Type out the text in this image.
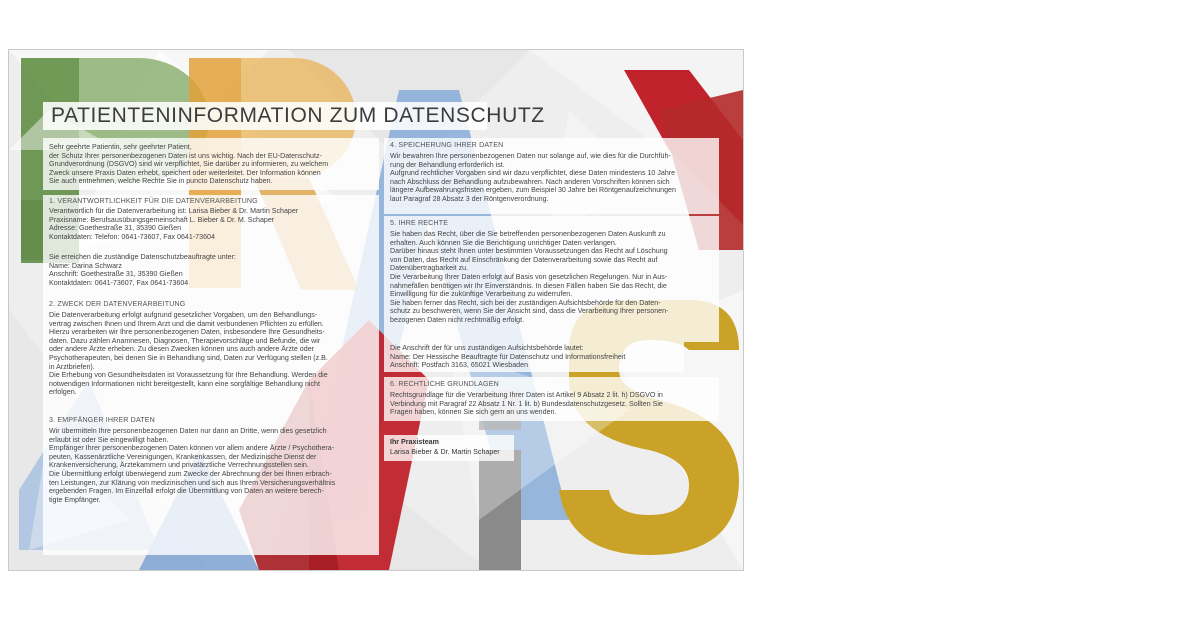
PATIENTENINFORMATION ZUM DATENSCHUTZ
Sehr geehrte Patientin, sehr geehrter Patient,
der Schutz Ihrer personenbezogenen Daten ist uns wichtig. Nach der EU-Datenschutz-
Grundverordnung (DSGVO) sind wir verpflichtet, Sie darüber zu informieren, zu welchem
Zweck unsere Praxis Daten erhebt, speichert oder weiterleitet. Der Information können
Sie auch entnehmen, welche Rechte Sie in puncto Datenschutz haben.
1. VERANTWORTLICHKEIT FÜR DIE DATENVERARBEITUNG
Verantwortlich für die Datenverarbeitung ist: Larisa Bieber & Dr. Martin Schaper
Praxisname: Berufsausübungsgemeinschaft L. Bieber & Dr. M. Schaper
Adresse: Goethestraße 31, 35390 Gießen
Kontaktdaten: Telefon: 0641-73607, Fax 0641-73604
Sie erreichen die zuständige Datenschutzbeauftragte unter:
Name: Darina Schwarz
Anschrift: Goethestraße 31, 35390 Gießen
Kontaktdaten: 0641-73607, Fax 0641-73604
2. ZWECK DER DATENVERARBEITUNG
Die Datenverarbeitung erfolgt aufgrund gesetzlicher Vorgaben, um den Behandlungs-
vertrag zwischen Ihnen und Ihrem Arzt und die damit verbundenen Pflichten zu erfüllen.
Hierzu verarbeiten wir Ihre personenbezogenen Daten, insbesondere Ihre Gesundheits-
daten. Dazu zählen Anamnesen, Diagnosen, Therapievorschläge und Befunde, die wir
oder andere Ärzte erheben. Zu diesen Zwecken können uns auch andere Ärzte oder
Psychotherapeuten, bei denen Sie in Behandlung sind, Daten zur Verfügung stellen (z.B.
in Arztbriefen).
Die Erhebung von Gesundheitsdaten ist Voraussetzung für Ihre Behandlung. Werden die
notwendigen Informationen nicht bereitgestellt, kann eine sorgfältige Behandlung nicht
erfolgen.
3. EMPFÄNGER IHRER DATEN
Wir übermitteln Ihre personenbezogenen Daten nur dann an Dritte, wenn dies gesetzlich
erlaubt ist oder Sie eingewilligt haben.
Empfänger Ihrer personenbezogenen Daten können vor allem andere Ärzte / Psychothera-
peuten, Kassenärztliche Vereinigungen, Krankenkassen, der Medizinische Dienst der
Krankenversicherung, Ärztekammern und privatärztliche Verrechnungsstellen sein.
Die Übermittlung erfolgt überwiegend zum Zwecke der Abrechnung der bei Ihnen erbrach-
ten Leistungen, zur Klärung von medizinischen und sich aus Ihrem Versicherungsverhältnis
ergebenden Fragen. Im Einzelfall erfolgt die Übermittlung von Daten an weitere berech-
tigte Empfänger.
4. SPEICHERUNG IHRER DATEN
Wir bewahren Ihre personenbezogenen Daten nur solange auf, wie dies für die Durchfüh-
rung der Behandlung erforderlich ist.
Aufgrund rechtlicher Vorgaben sind wir dazu verpflichtet, diese Daten mindestens 10 Jahre
nach Abschluss der Behandlung aufzubewahren. Nach anderen Vorschriften können sich
längere Aufbewahrungsfristen ergeben, zum Beispiel 30 Jahre bei Röntgenaufzeichnungen
laut Paragraf 28 Absatz 3 der Röntgenverordnung.
5. IHRE RECHTE
Sie haben das Recht, über die Sie betreffenden personenbezogenen Daten Auskunft zu
erhalten. Auch können Sie die Berichtigung unrichtiger Daten verlangen.
Darüber hinaus steht Ihnen unter bestimmten Voraussetzungen das Recht auf Löschung
von Daten, das Recht auf Einschränkung der Datenverarbeitung sowie das Recht auf
Datenübertragbarkeit zu.
Die Verarbeitung Ihrer Daten erfolgt auf Basis von gesetzlichen Regelungen. Nur in Aus-
nahmefällen benötigen wir Ihr Einverständnis. In diesen Fällen haben Sie das Recht, die
Einwilligung für die zukünftige Verarbeitung zu widerrufen.
Sie haben ferner das Recht, sich bei der zuständigen Aufsichtsbehörde für den Daten-
schutz zu beschweren, wenn Sie der Ansicht sind, dass die Verarbeitung Ihrer personen-
bezogenen Daten nicht rechtmäßig erfolgt.
Die Anschrift der für uns zuständigen Aufsichtsbehörde lautet:
Name: Der Hessische Beauftragte für Datenschutz und Informationsfreiheit
Anschrift: Postfach 3163, 65021 Wiesbaden
6. RECHTLICHE GRUNDLAGEN
Rechtsgrundlage für die Verarbeitung Ihrer Daten ist Artikel 9 Absatz 2 lit. h) DSGVO in
Verbindung mit Paragraf 22 Absatz 1 Nr. 1 lit. b) Bundesdatenschutzgesetz. Sollten Sie
Fragen haben, können Sie sich gern an uns wenden.
Ihr Praxisteam
Larisa Bieber & Dr. Martin Schaper
